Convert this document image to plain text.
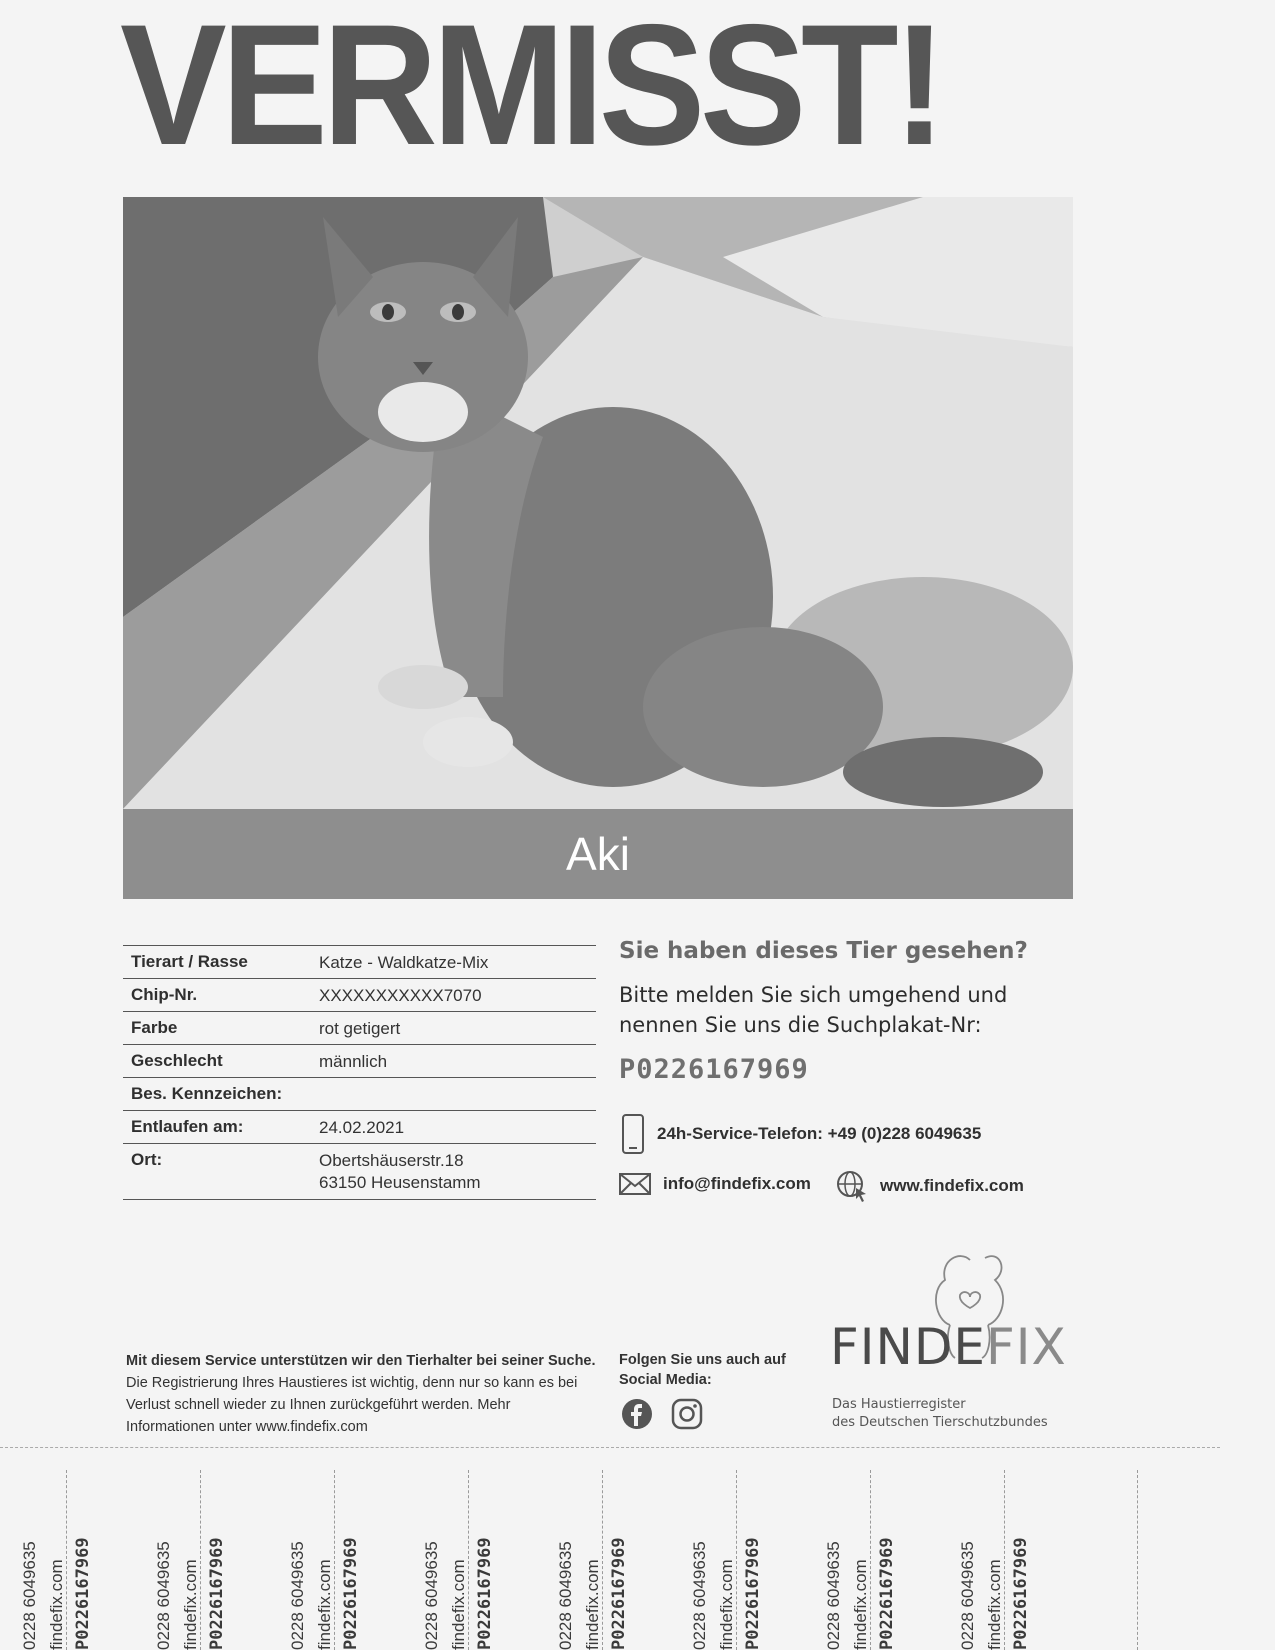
VERMISST!
Aki
Tierart / Rasse	Katze - Waldkatze-Mix
Chip-Nr.	XXXXXXXXXXX7070
Farbe	rot getigert
Geschlecht	männlich
Bes. Kennzeichen:
Entlaufen am:	24.02.2021
Ort:	Obertshäuserstr.18
63150 Heusenstamm
Sie haben dieses Tier gesehen?
Bitte melden Sie sich umgehend und nennen Sie uns die Suchplakat-Nr:
P0226167969
24h-Service-Telefon: +49 (0)228 6049635
info@findefix.com	www.findefix.com
Mit diesem Service unterstützen wir den Tierhalter bei seiner Suche. Die Registrierung Ihres Haustieres ist wichtig, denn nur so kann es bei Verlust schnell wieder zu Ihnen zurückgeführt werden. Mehr Informationen unter www.findefix.com
Folgen Sie uns auch auf Social Media:
FINDEFIX
Das Haustierregister
des Deutschen Tierschutzbundes
0228 6049635 findefix.com P0226167969	0228 6049635 findefix.com P0226167969	0228 6049635 findefix.com P0226167969	0228 6049635 findefix.com P0226167969	0228 6049635 findefix.com P0226167969	0228 6049635 findefix.com P0226167969	0228 6049635 findefix.com P0226167969	0228 6049635 findefix.com P0226167969
